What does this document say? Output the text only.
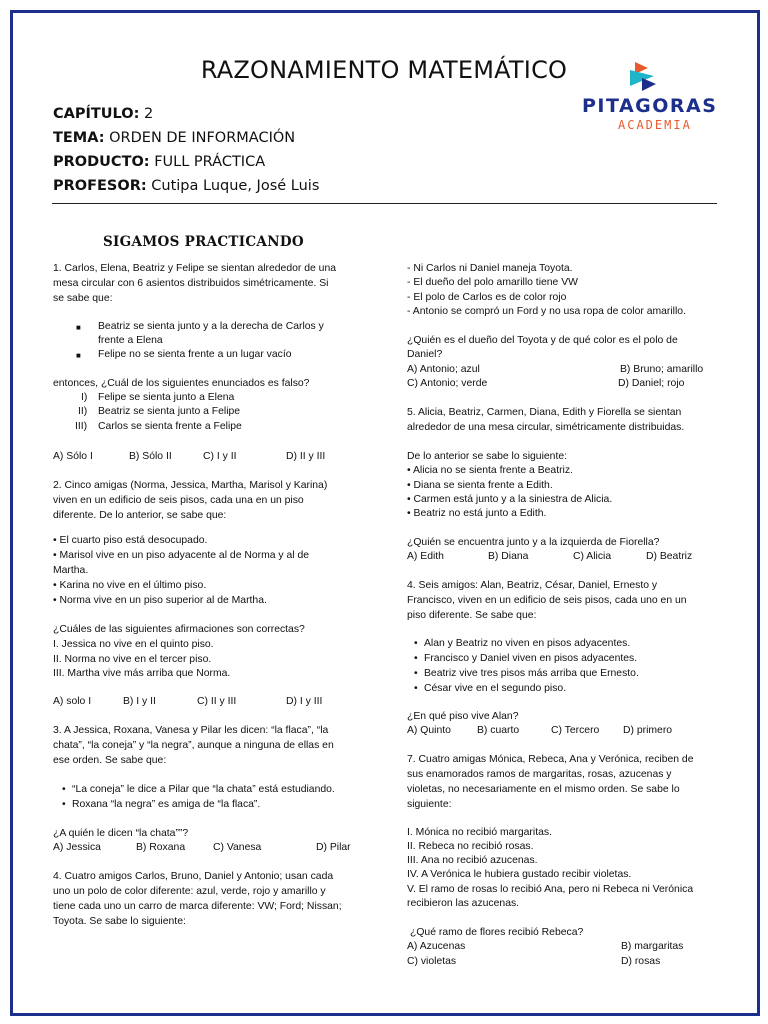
RAZONAMIENTO MATEMÁTICO
PITAGORAS
ACADEMIA
CAPÍTULO: 2
TEMA: ORDEN DE INFORMACIÓN
PRODUCTO: FULL PRÁCTICA
PROFESOR: Cutipa Luque, José Luis
SIGAMOS PRACTICANDO
1. Carlos, Elena, Beatriz y Felipe se sientan alrededor de una
mesa circular con 6 asientos distribuidos simétricamente. Si
se sabe que:
■ Beatriz se sienta junto y a la derecha de Carlos y
frente a Elena
■ Felipe no se sienta frente a un lugar vacío
entonces, ¿Cuál de los siguientes enunciados es falso?
I) Felipe se sienta junto a Elena
II) Beatriz se sienta junto a Felipe
III) Carlos se sienta frente a Felipe
A) Sólo I	B) Sólo II	C) I y II	D) II y III
2. Cinco amigas (Norma, Jessica, Martha, Marisol y Karina)
viven en un edificio de seis pisos, cada una en un piso
diferente. De lo anterior, se sabe que:
• El cuarto piso está desocupado.
• Marisol vive en un piso adyacente al de Norma y al de
Martha.
• Karina no vive en el último piso.
• Norma vive en un piso superior al de Martha.
¿Cuáles de las siguientes afirmaciones son correctas?
I. Jessica no vive en el quinto piso.
II. Norma no vive en el tercer piso.
III. Martha vive más arriba que Norma.
A) solo I	B) I y II	C) II y III	D) I y III
3. A Jessica, Roxana, Vanesa y Pilar les dicen: “la flaca”, “la
chata”, “la coneja” y “la negra”, aunque a ninguna de ellas en
ese orden. Se sabe que:
• “La coneja” le dice a Pilar que “la chata” está estudiando.
• Roxana “la negra” es amiga de “la flaca”.
¿A quién le dicen “la chata””?
A) Jessica	B) Roxana	C) Vanesa	D) Pilar
4. Cuatro amigos Carlos, Bruno, Daniel y Antonio; usan cada
uno un polo de color diferente: azul, verde, rojo y amarillo y
tiene cada uno un carro de marca diferente: VW; Ford; Nissan;
Toyota. Se sabe lo siguiente:
- Ni Carlos ni Daniel maneja Toyota.
- El dueño del polo amarillo tiene VW
- El polo de Carlos es de color rojo
- Antonio se compró un Ford y no usa ropa de color amarillo.
¿Quién es el dueño del Toyota y de qué color es el polo de
Daniel?
A) Antonio; azul	B) Bruno; amarillo
C) Antonio; verde	D) Daniel; rojo
5. Alicia, Beatriz, Carmen, Diana, Edith y Fiorella se sientan
alrededor de una mesa circular, simétricamente distribuidas.
De lo anterior se sabe lo siguiente:
• Alicia no se sienta frente a Beatriz.
• Diana se sienta frente a Edith.
• Carmen está junto y a la siniestra de Alicia.
• Beatriz no está junto a Edith.
¿Quién se encuentra junto y a la izquierda de Fiorella?
A) Edith	B) Diana	C) Alicia	D) Beatriz
4. Seis amigos: Alan, Beatriz, César, Daniel, Ernesto y
Francisco, viven en un edificio de seis pisos, cada uno en un
piso diferente. Se sabe que:
• Alan y Beatriz no viven en pisos adyacentes.
• Francisco y Daniel viven en pisos adyacentes.
• Beatriz vive tres pisos más arriba que Ernesto.
• César vive en el segundo piso.
¿En qué piso vive Alan?
A) Quinto	B) cuarto	C) Tercero D) primero
7. Cuatro amigas Mónica, Rebeca, Ana y Verónica, reciben de
sus enamorados ramos de margaritas, rosas, azucenas y
violetas, no necesariamente en el mismo orden. Se sabe lo
siguiente:
I. Mónica no recibió margaritas.
II. Rebeca no recibió rosas.
III. Ana no recibió azucenas.
IV. A Verónica le hubiera gustado recibir violetas.
V. El ramo de rosas lo recibió Ana, pero ni Rebeca ni Verónica
recibieron las azucenas.
¿Qué ramo de flores recibió Rebeca?
A) Azucenas	B) margaritas
C) violetas	D) rosas
